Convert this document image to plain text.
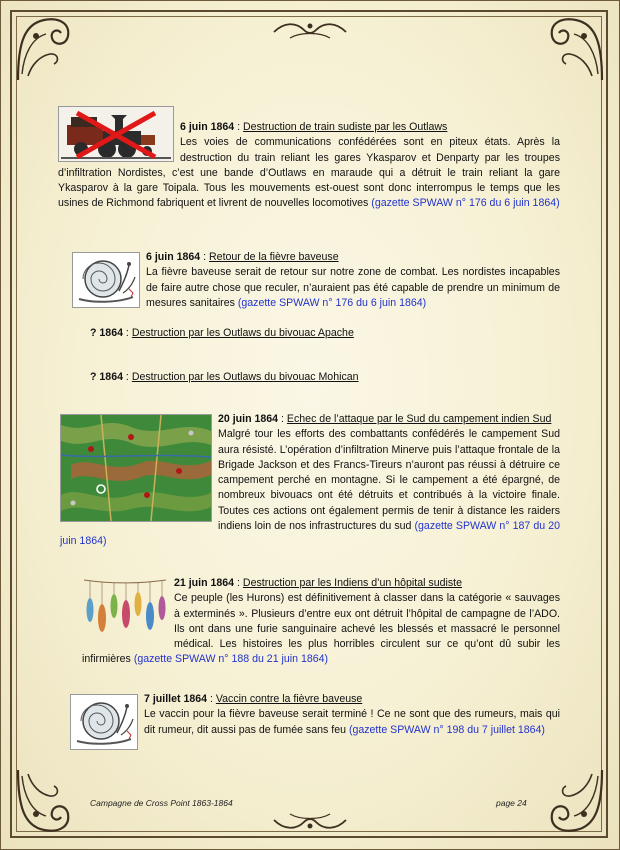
6 juin 1864 : Destruction de train sudiste par les Outlaws
Les voies de communications confédérées sont en piteux états. Après la destruction du train reliant les gares Ykasparov et Denparty par les troupes d’infiltration Nordistes, c’est une bande d’Outlaws en maraude qui a détruit le train reliant la gare Ykasparov à la gare Toipala. Tous les mouvements est-ouest sont donc interrompus le temps que les usines de Richmond fabriquent et livrent de nouvelles locomotives (gazette SPWAW n° 176 du 6 juin 1864)
6 juin 1864 : Retour de la fièvre baveuse
La fièvre baveuse serait de retour sur notre zone de combat. Les nordistes incapables de faire autre chose que reculer, n’auraient pas été capable de prendre un minimum de mesures sanitaires (gazette SPWAW n° 176 du 6 juin 1864)
? 1864 : Destruction par les Outlaws du bivouac Apache
? 1864 : Destruction par les Outlaws du bivouac Mohican
20 juin 1864 : Echec de l’attaque par le Sud du campement indien Sud
Malgré tour les efforts des combattants confédérés le campement Sud aura résisté. L’opération d’infiltration Minerve puis l’attaque frontale de la Brigade Jackson et des Francs-Tireurs n’auront pas réussi à détruire ce campement perché en montagne. Si le campement a été épargné, de nombreux bivouacs ont été détruits et contribués à la victoire finale. Toutes ces actions ont également permis de tenir à distance les raiders indiens loin de nos infrastructures du sud (gazette SPWAW n° 187 du 20 juin 1864)
21 juin 1864 : Destruction par les Indiens d’un hôpital sudiste
Ce peuple (les Hurons) est définitivement à classer dans la catégorie « sauvages à exterminés ». Plusieurs d’entre eux ont détruit l’hôpital de campagne de l’ADO. Ils ont dans une furie sanguinaire achevé les blessés et massacré le personnel médical. Les histoires les plus horribles circulent sur ce qu’ont dû subir les infirmières (gazette SPWAW n° 188 du 21 juin 1864)
7 juillet 1864 : Vaccin contre la fièvre baveuse
Le vaccin pour la fièvre baveuse serait terminé ! Ce ne sont que des rumeurs, mais qui dit rumeur, dit aussi pas de fumée sans feu (gazette SPWAW n° 198 du 7 juillet 1864)
Campagne de Cross Point 1863-1864	page 24
